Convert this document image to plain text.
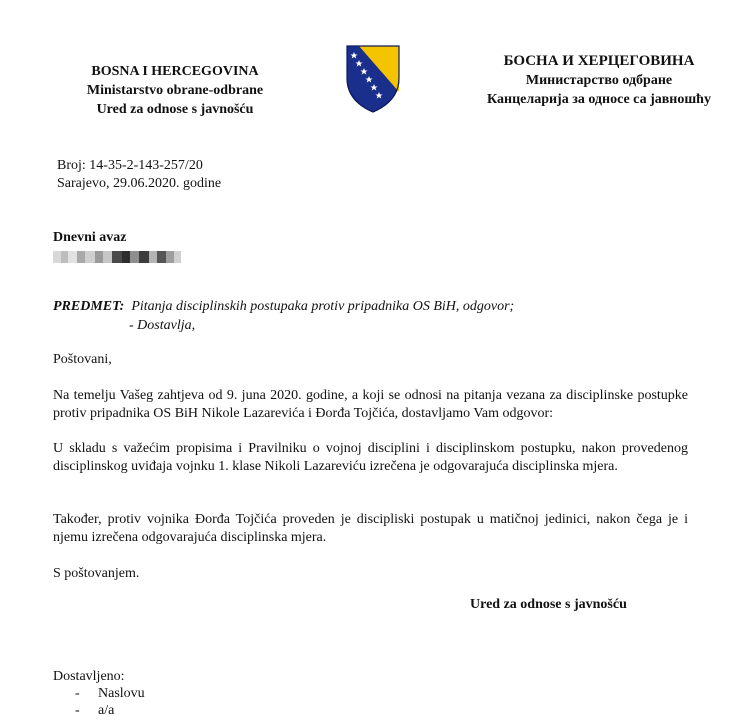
BOSNA I HERCEGOVINA
Ministarstvo obrane-odbrane
Ured za odnose s javnošću
БОСНА И ХЕРЦЕГОВИНА
Министарство одбране
Канцеларија за односе са јавношћу
Broj: 14-35-2-143-257/20
Sarajevo, 29.06.2020. godine
Dnevni avaz
PREDMET: Pitanja disciplinskih postupaka protiv pripadnika OS BiH, odgovor;
- Dostavlja,
Poštovani,
Na temelju Vašeg zahtjeva od 9. juna 2020. godine, a koji se odnosi na pitanja vezana za disciplinske postupke protiv pripadnika OS BiH Nikole Lazarevića i Đorđa Tojčića, dostavljamo Vam odgovor:
U skladu s važećim propisima i Pravilniku o vojnoj disciplini i disciplinskom postupku, nakon provedenog disciplinskog uviđaja vojnku 1. klase Nikoli Lazareviću izrečena je odgovarajuća disciplinska mjera.
Također, protiv vojnika Đorđa Tojčića proveden je discipliski postupak u matičnoj jedinici, nakon čega je i njemu izrečena odgovarajuća disciplinska mjera.
S poštovanjem.
Ured za odnose s javnošću
Dostavljeno:
- Naslovu
- a/a
